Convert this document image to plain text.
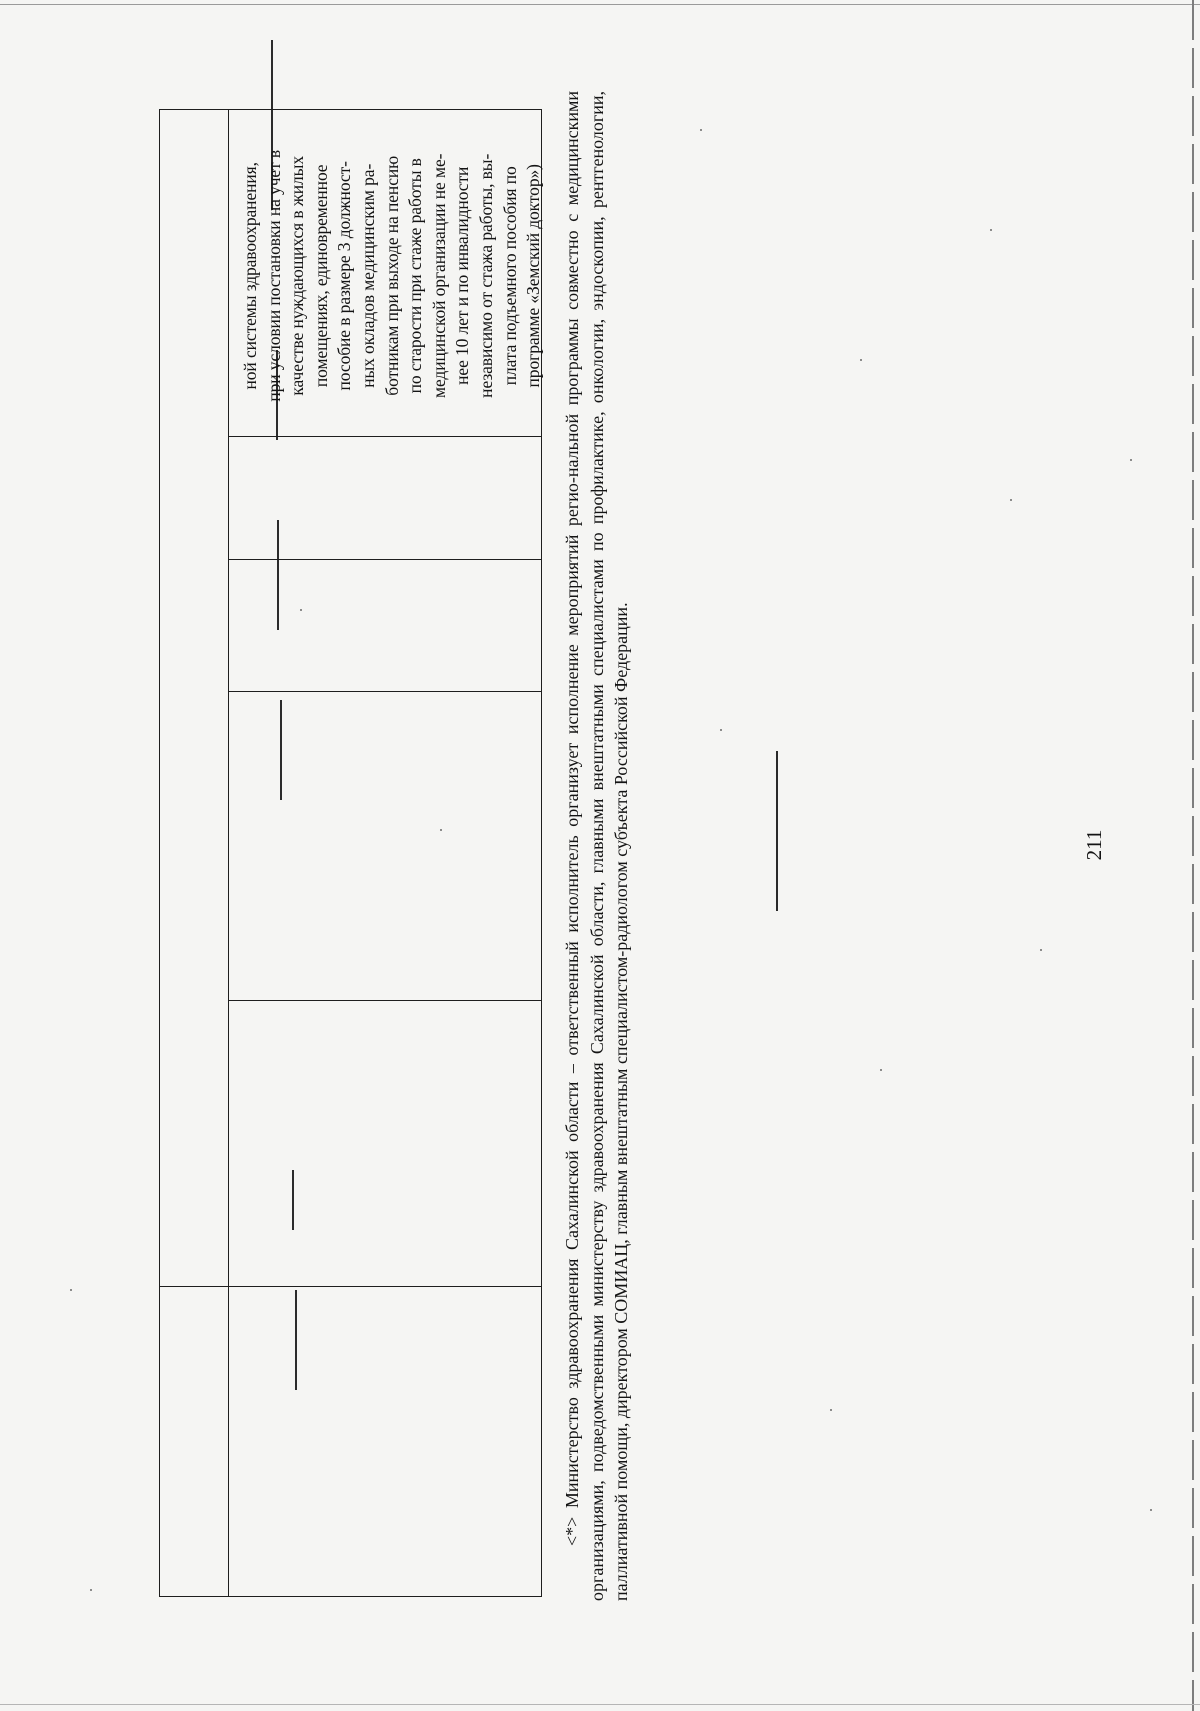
211
ной системы здравоохранения,
при условии постановки на учет в
качестве нуждающихся в жилых
помещениях, единовременное
пособие в размере 3 должност-
ных окладов медицинским ра-
ботникам при выходе на пенсию
по старости при стаже работы в
медицинской организации не ме-
нее 10 лет и по инвалидности
независимо от стажа работы, вы-
плата подъемного пособия по
программе «Земский доктор») <*> Министерство здравоохранения Сахалинской области – ответственный исполнитель организует исполнение мероприятий регио-нальной программы совместно с медицинскими организациями, подведомственными министерству здравоохранения Сахалинской области, главными внештатными специалистами по профилактике, онкологии, эндоскопии, рентгенологии, паллиативной помощи, директором СОМИАЦ, главным внештатным специалистом-радиологом субъекта Российской Федерации.
